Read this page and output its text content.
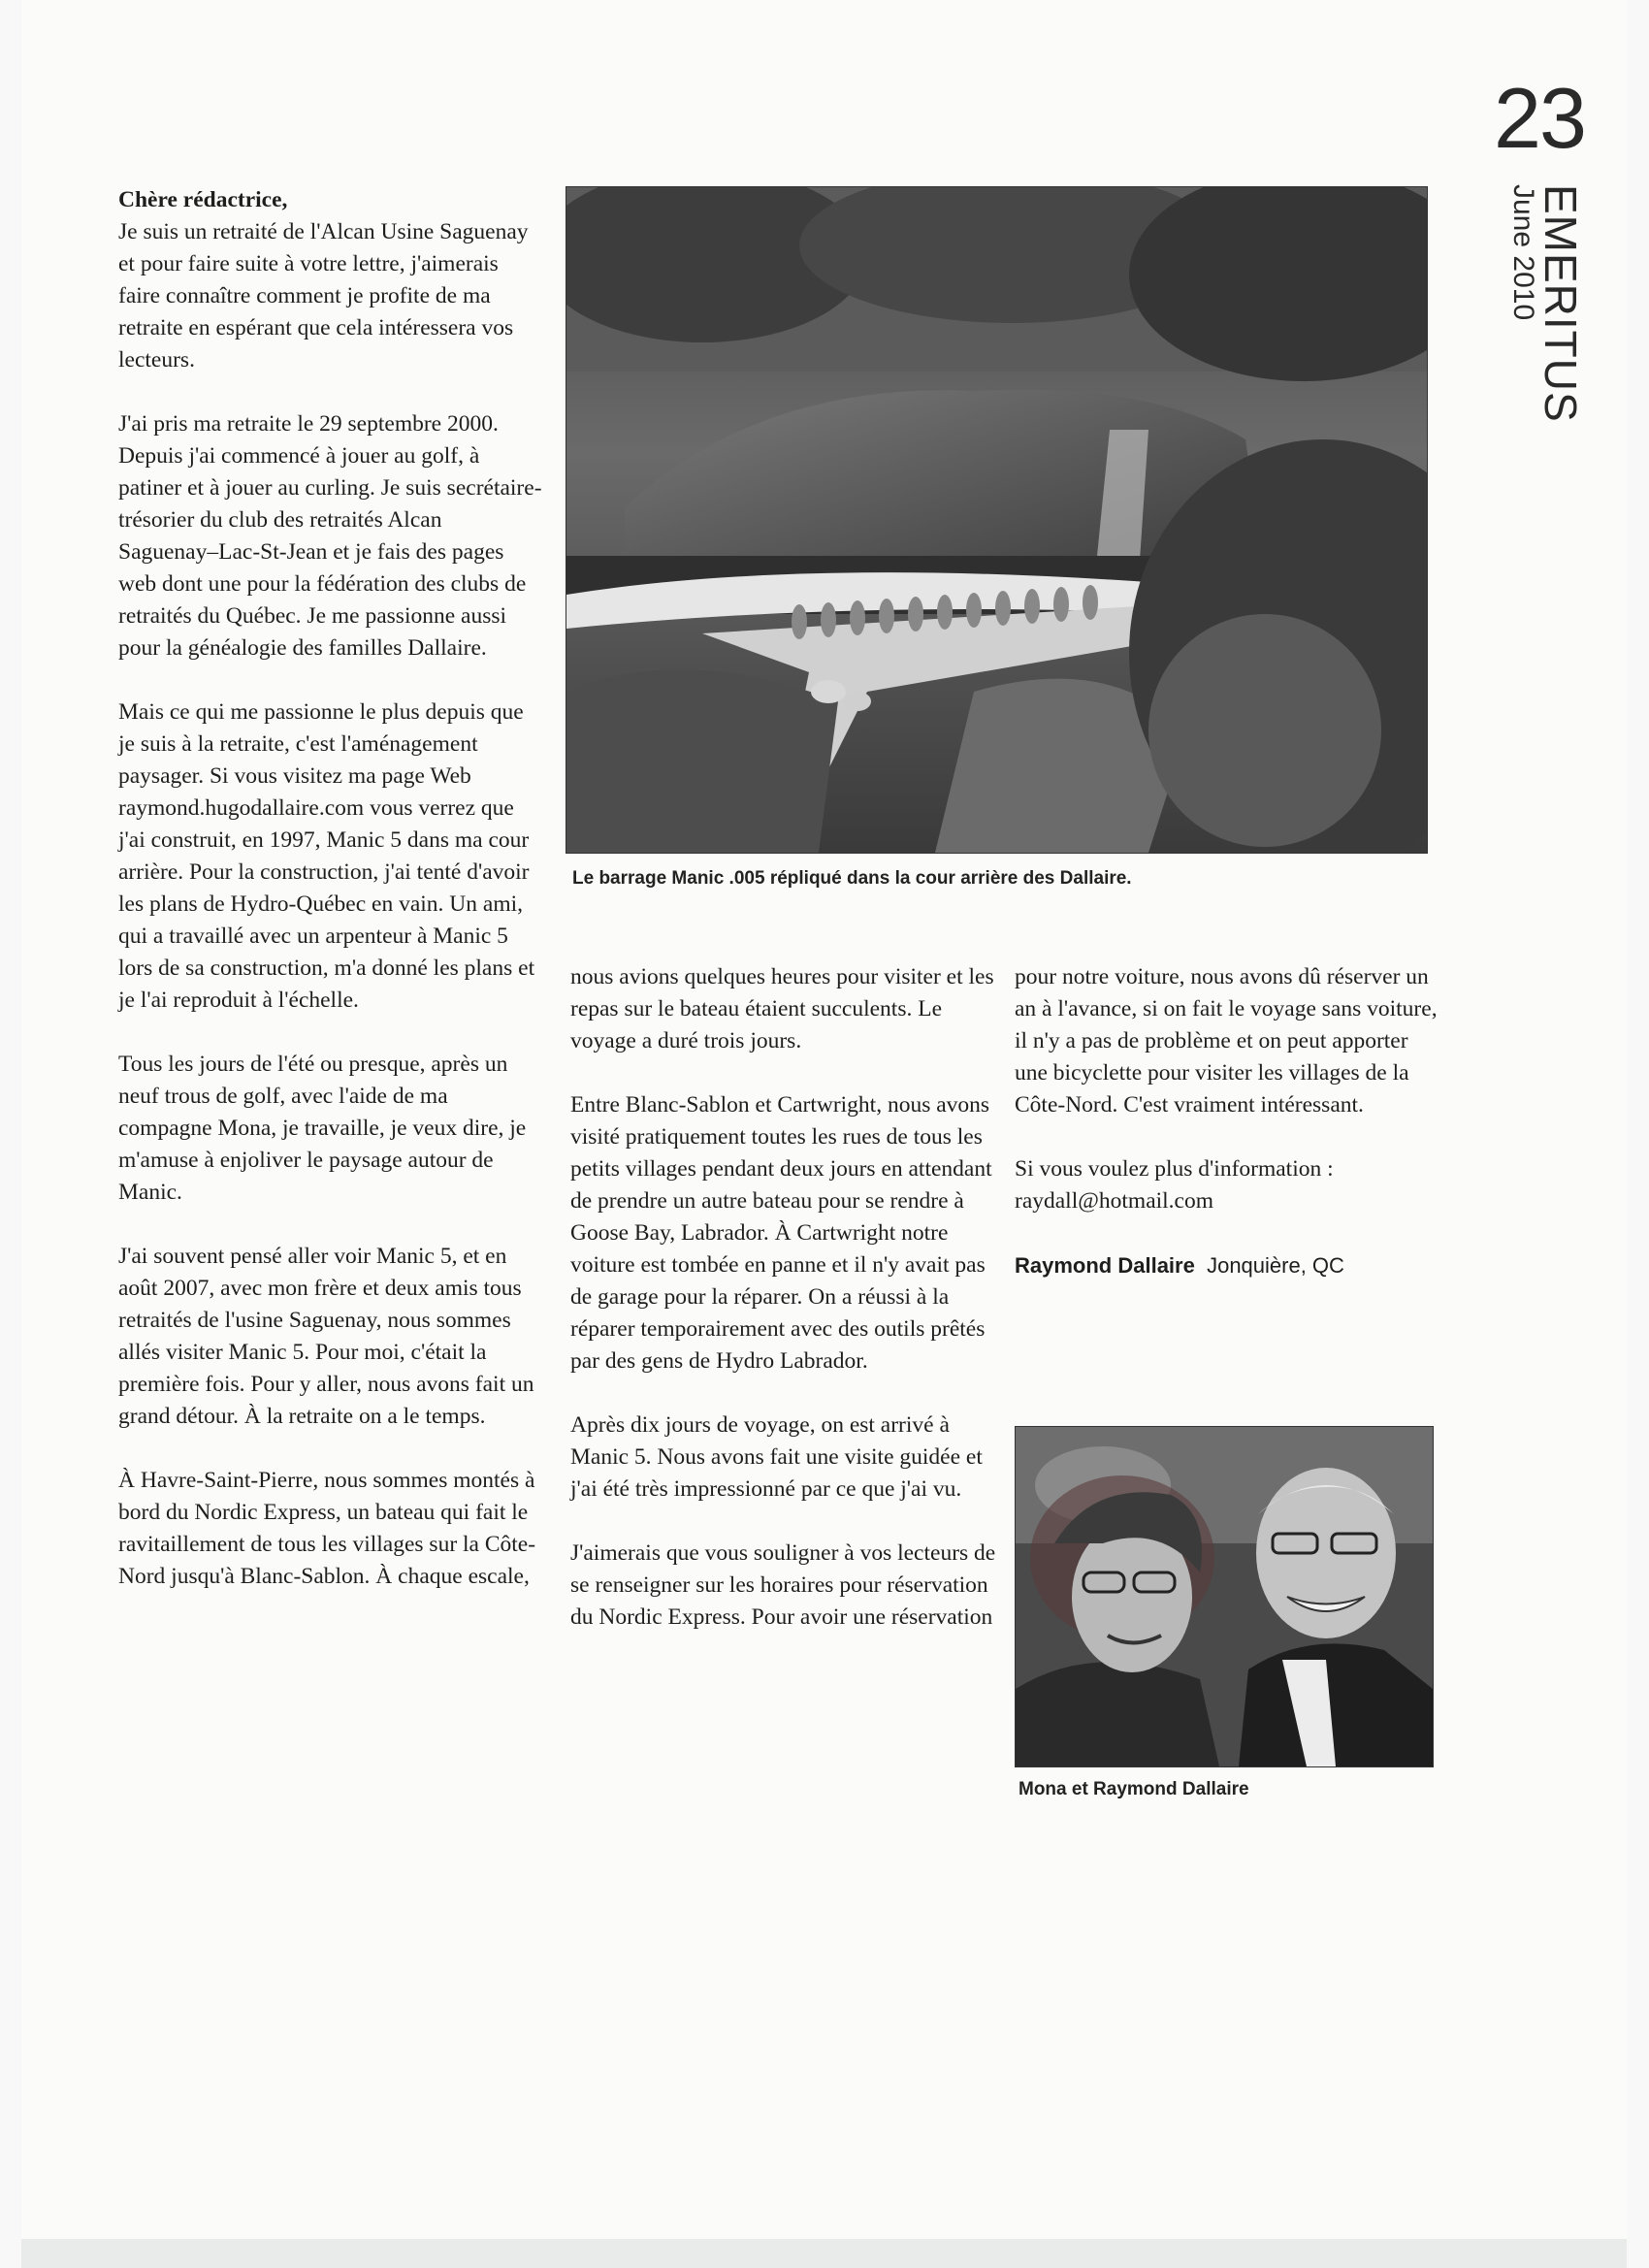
23
EMERITUS
June 2010

Chère rédactrice,
Je suis un retraité de l'Alcan Usine Saguenay et pour faire suite à votre lettre, j'aimerais faire connaître comment je profite de ma retraite en espérant que cela intéressera vos lecteurs.

J'ai pris ma retraite le 29 septembre 2000. Depuis j'ai commencé à jouer au golf, à patiner et à jouer au curling. Je suis secrétaire-trésorier du club des retraités Alcan Saguenay–Lac-St-Jean et je fais des pages web dont une pour la fédération des clubs de retraités du Québec. Je me passionne aussi pour la généalogie des familles Dallaire.

Mais ce qui me passionne le plus depuis que je suis à la retraite, c'est l'aménagement paysager. Si vous visitez ma page Web raymond.hugodallaire.com vous verrez que j'ai construit, en 1997, Manic 5 dans ma cour arrière. Pour la construction, j'ai tenté d'avoir les plans de Hydro-Québec en vain. Un ami, qui a travaillé avec un arpenteur à Manic 5 lors de sa construction, m'a donné les plans et je l'ai reproduit à l'échelle.

Tous les jours de l'été ou presque, après un neuf trous de golf, avec l'aide de ma compagne Mona, je travaille, je veux dire, je m'amuse à enjoliver le paysage autour de Manic.

J'ai souvent pensé aller voir Manic 5, et en août 2007, avec mon frère et deux amis tous retraités de l'usine Saguenay, nous sommes allés visiter Manic 5. Pour moi, c'était la première fois. Pour y aller, nous avons fait un grand détour. À la retraite on a le temps.

À Havre-Saint-Pierre, nous sommes montés à bord du Nordic Express, un bateau qui fait le ravitaillement de tous les villages sur la Côte-Nord jusqu'à Blanc-Sablon. À chaque escale,

Le barrage Manic .005 répliqué dans la cour arrière des Dallaire.

nous avions quelques heures pour visiter et les repas sur le bateau étaient succulents. Le voyage a duré trois jours.

Entre Blanc-Sablon et Cartwright, nous avons visité pratiquement toutes les rues de tous les petits villages pendant deux jours en attendant de prendre un autre bateau pour se rendre à Goose Bay, Labrador. À Cartwright notre voiture est tombée en panne et il n'y avait pas de garage pour la réparer. On a réussi à la réparer temporairement avec des outils prêtés par des gens de Hydro Labrador.

Après dix jours de voyage, on est arrivé à Manic 5. Nous avons fait une visite guidée et j'ai été très impressionné par ce que j'ai vu.

J'aimerais que vous souligner à vos lecteurs de se renseigner sur les horaires pour réservation du Nordic Express. Pour avoir une réservation

pour notre voiture, nous avons dû réserver un an à l'avance, si on fait le voyage sans voiture, il n'y a pas de problème et on peut apporter une bicyclette pour visiter les villages de la Côte-Nord. C'est vraiment intéressant.

Si vous voulez plus d'information : raydall@hotmail.com

Raymond Dallaire Jonquière, QC

Mona et Raymond Dallaire
